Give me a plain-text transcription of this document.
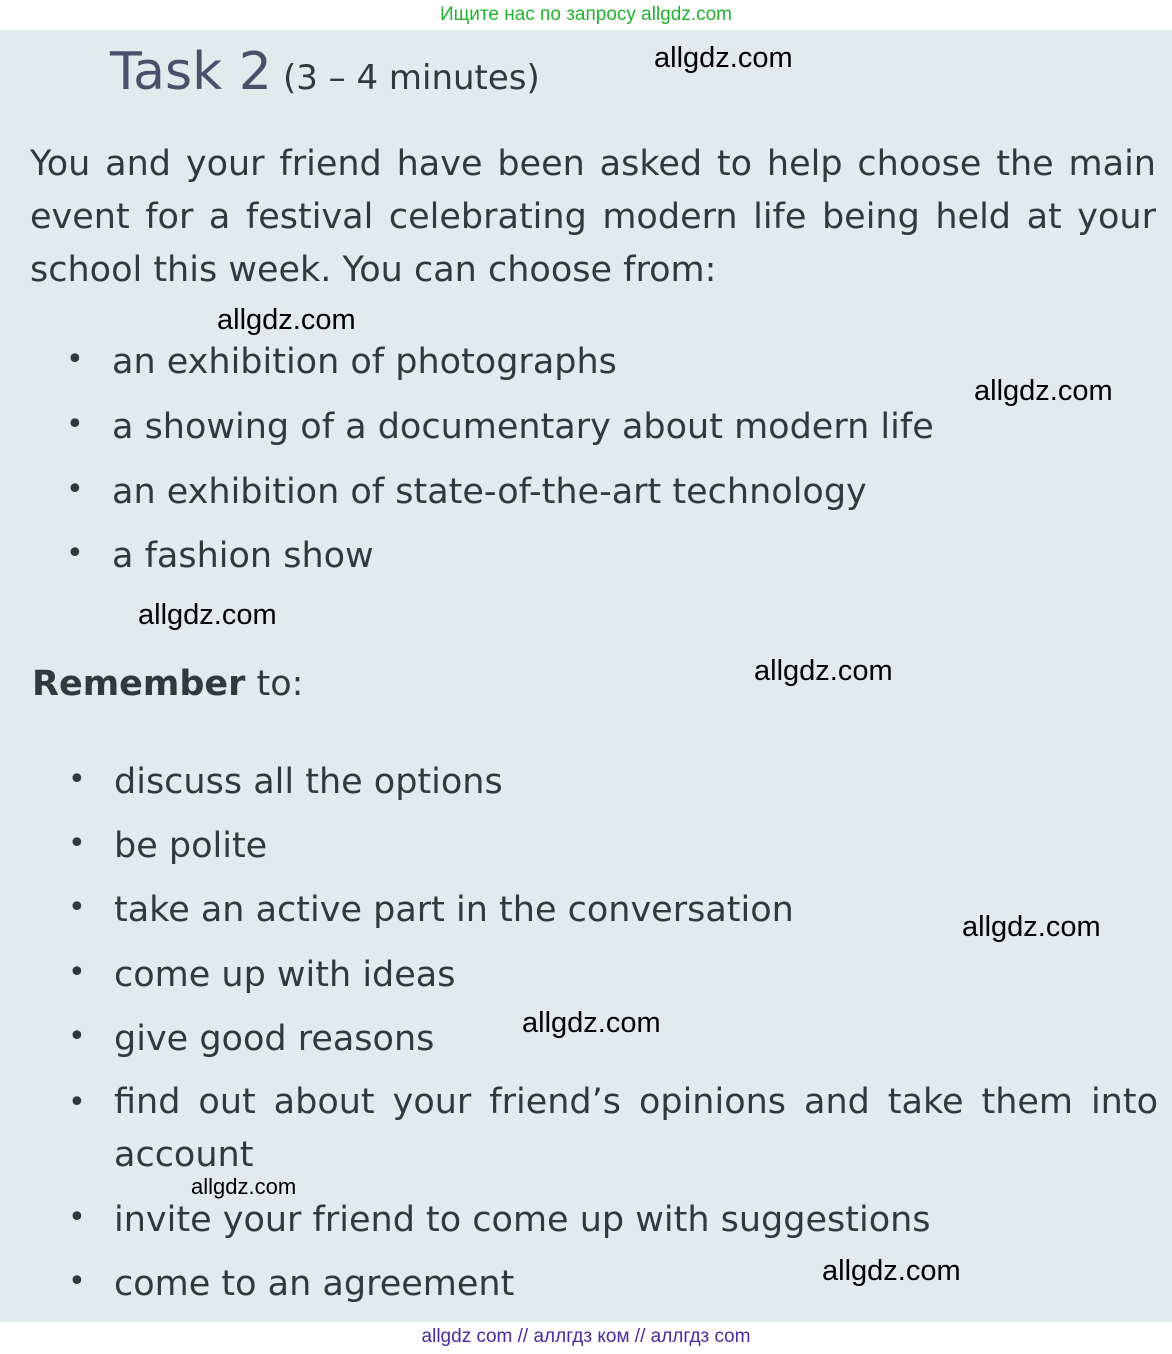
Ищите нас по запросу allgdz.com
Task 2 (3 – 4 minutes)
You and your friend have been asked to help choose the main event for a festival celebrating modern life being held at your school this week. You can choose from:
• an exhibition of photographs
• a showing of a documentary about modern life
• an exhibition of state-of-the-art technology
• a fashion show
Remember to:
• discuss all the options
• be polite
• take an active part in the conversation
• come up with ideas
• give good reasons
• find out about your friend’s opinions and take them into account
• invite your friend to come up with suggestions
• come to an agreement
allgdz.com
allgdz.com
allgdz.com
allgdz.com
allgdz.com
allgdz.com
allgdz.com
allgdz.com
allgdz.com
allgdz com // аллгдз ком // аллгдз com
